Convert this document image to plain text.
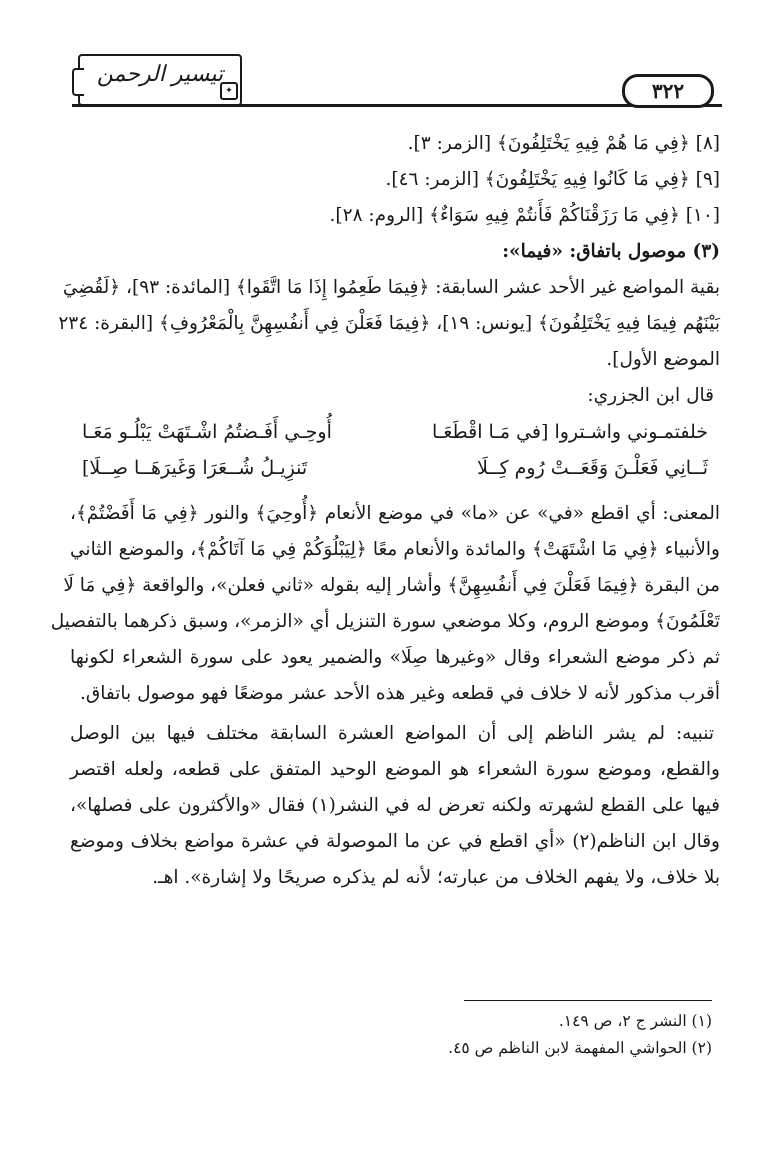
تيسير الرحمن
✦	٣٢٢
[٨] ﴿فِي مَا هُمْ فِيهِ يَخْتَلِفُونَ﴾ [الزمر: ٣].
[٩] ﴿فِي مَا كَانُوا فِيهِ يَخْتَلِفُونَ﴾ [الزمر: ٤٦].
[١٠] ﴿فِي مَا رَزَقْنَاكُمْ فَأَنتُمْ فِيهِ سَوَاءٌ﴾ [الروم: ٢٨].
(٣) موصول باتفاق: «فيما»:
بقية المواضع غير الأحد عشر السابقة: ﴿فِيمَا طَعِمُوا إِذَا مَا اتَّقَوا﴾ [المائدة: ٩٣]، ﴿لَقُضِيَ
بَيْنَهُم فِيمَا فِيهِ يَخْتَلِفُونَ﴾ [يونس: ١٩]، ﴿فِيمَا فَعَلْنَ فِي أَنفُسِهِنَّ بِالْمَعْرُوفِ﴾ [البقرة: ٢٣٤
الموضع الأول].
قال ابن الجزري:
خلفتمـوني واشـتروا [في مَـا اقْطَعَـا
أُوحِـي أَفَـضتُمُ اشْـتَهَتْ يَبْلُـو مَعَـا
ثَــانِي فَعَلْـنَ وَقَعَــتْ رُوم كِــلَا
تَنزِيـلُ شُــعَرَا وَغَيرَهَــا صِــلَا]
المعنى: أي اقطع «في» عن «ما» في موضع الأنعام ﴿أُوحِيَ﴾ والنور ﴿فِي مَا أَفَضْتُمْ﴾،
والأنبياء ﴿فِي مَا اشْتَهَتْ﴾ والمائدة والأنعام معًا ﴿لِيَبْلُوَكُمْ فِي مَا آتَاكُمْ﴾، والموضع الثاني
من البقرة ﴿فِيمَا فَعَلْنَ فِي أَنفُسِهِنَّ﴾ وأشار إليه بقوله «ثاني فعلن»، والواقعة ﴿فِي مَا لَا
تَعْلَمُونَ﴾ وموضع الروم، وكلا موضعي سورة التنزيل أي «الزمر»، وسبق ذكرهما بالتفصيل
ثم ذكر موضع الشعراء وقال «وغيرها صِلَا» والضمير يعود على سورة الشعراء لكونها
أقرب مذكور لأنه لا خلاف في قطعه وغير هذه الأحد عشر موضعًا فهو موصول باتفاق.
تنبيه: لم يشر الناظم إلى أن المواضع العشرة السابقة مختلف فيها بين الوصل
والقطع، وموضع سورة الشعراء هو الموضع الوحيد المتفق على قطعه، ولعله اقتصر
فيها على القطع لشهرته ولكنه تعرض له في النشر(١) فقال «والأكثرون على فصلها»،
وقال ابن الناظم(٢) «أي اقطع في عن ما الموصولة في عشرة مواضع بخلاف وموضع
بلا خلاف، ولا يفهم الخلاف من عبارته؛ لأنه لم يذكره صريحًا ولا إشارة». اهـ.
(١) النشر ج ٢، ص ١٤٩.
(٢) الحواشي المفهمة لابن الناظم ص ٤٥.
